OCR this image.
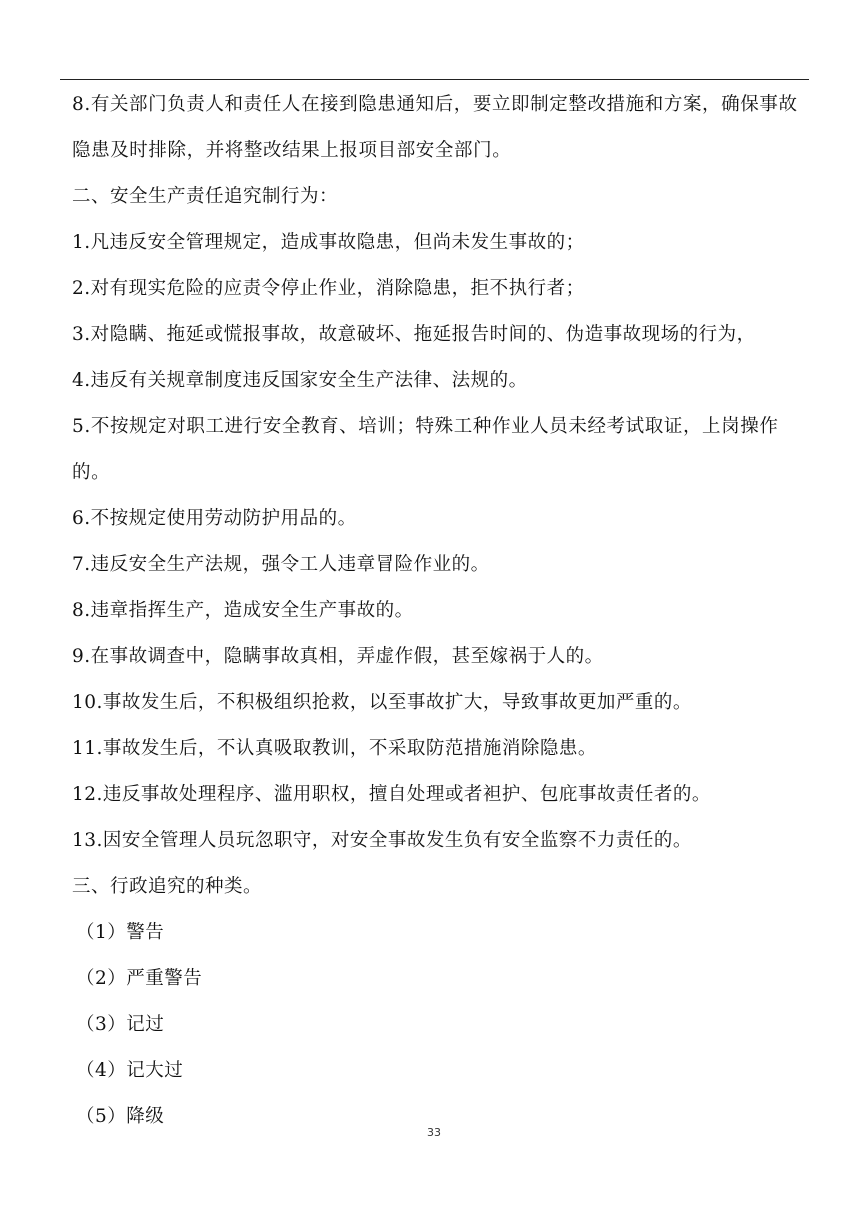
8.有关部门负责人和责任人在接到隐患通知后，要立即制定整改措施和方案，确保事故隐患及时排除，并将整改结果上报项目部安全部门。

二、安全生产责任追究制行为：

1.凡违反安全管理规定，造成事故隐患，但尚未发生事故的；

2.对有现实危险的应责令停止作业，消除隐患，拒不执行者；

3.对隐瞒、拖延或慌报事故，故意破坏、拖延报告时间的、伪造事故现场的行为，

4.违反有关规章制度违反国家安全生产法律、法规的。

5.不按规定对职工进行安全教育、培训；特殊工种作业人员未经考试取证，上岗操作的。

6.不按规定使用劳动防护用品的。

7.违反安全生产法规，强令工人违章冒险作业的。

8.违章指挥生产，造成安全生产事故的。

9.在事故调查中，隐瞒事故真相，弄虚作假，甚至嫁祸于人的。

10.事故发生后，不积极组织抢救，以至事故扩大，导致事故更加严重的。

11.事故发生后，不认真吸取教训，不采取防范措施消除隐患。

12.违反事故处理程序、滥用职权，擅自处理或者袒护、包庇事故责任者的。

13.因安全管理人员玩忽职守，对安全事故发生负有安全监察不力责任的。

三、行政追究的种类。

（1）警告

（2）严重警告

（3）记过

（4）记大过

（5）降级

33
